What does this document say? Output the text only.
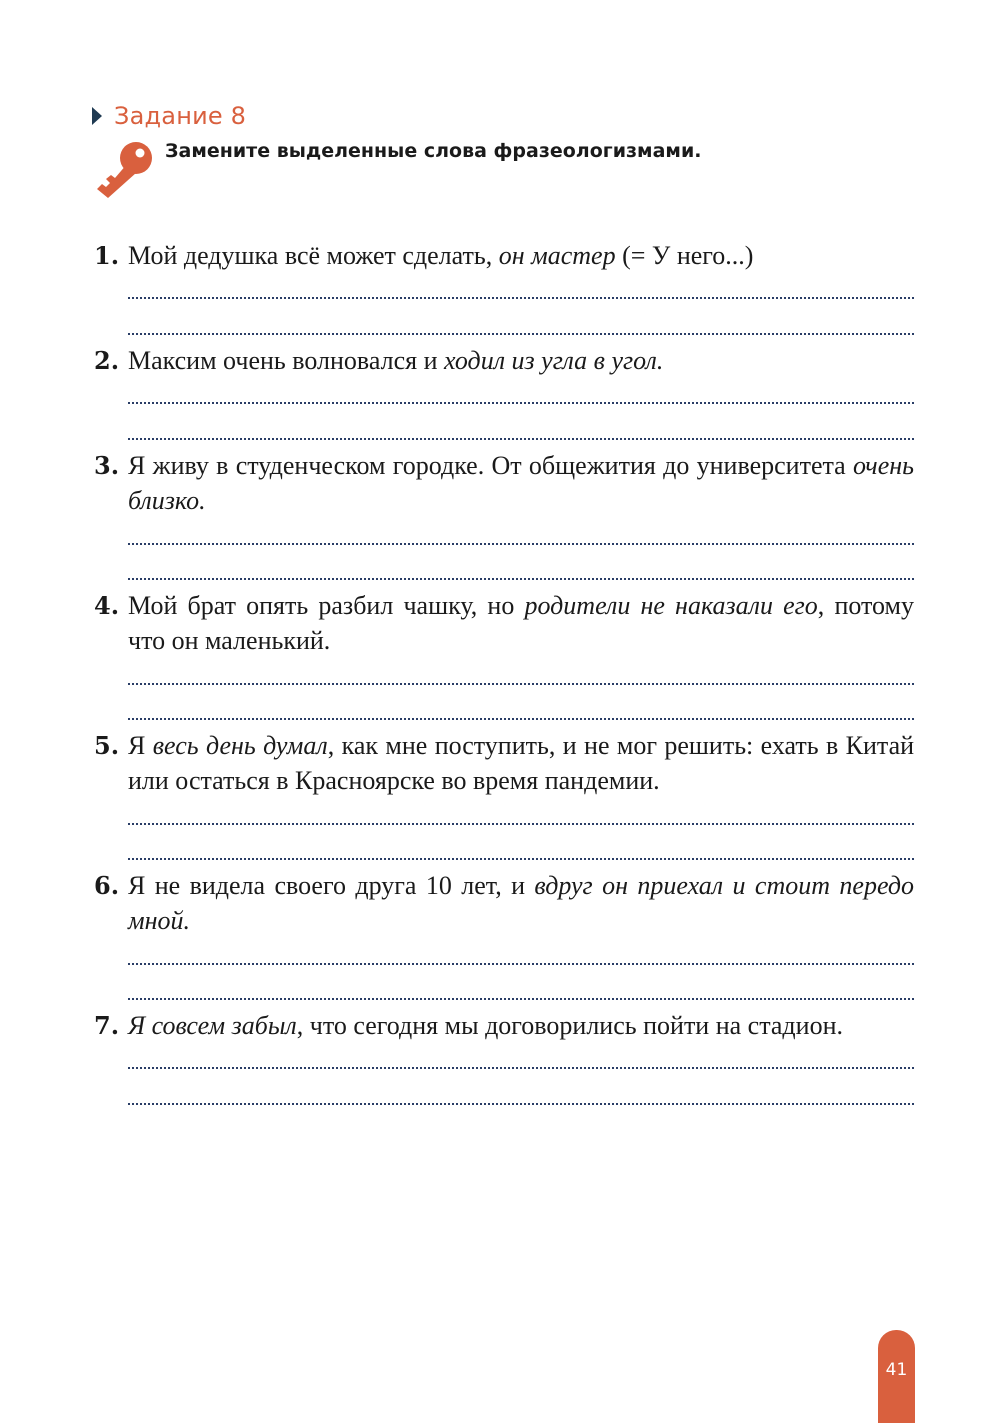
Задание 8
Замените выделенные слова фразеологизмами.
1. Мой дедушка всё может сделать, он мастер (= У него...)
2. Максим очень волновался и ходил из угла в угол.
3. Я живу в студенческом городке. От общежития до университета очень близко.
4. Мой брат опять разбил чашку, но родители не наказали его, потому что он маленький.
5. Я весь день думал, как мне поступить, и не мог решить: ехать в Китай или остаться в Красноярске во время пандемии.
6. Я не видела своего друга 10 лет, и вдруг он приехал и стоит передо мной.
7. Я совсем забыл, что сегодня мы договорились пойти на стадион.
41
